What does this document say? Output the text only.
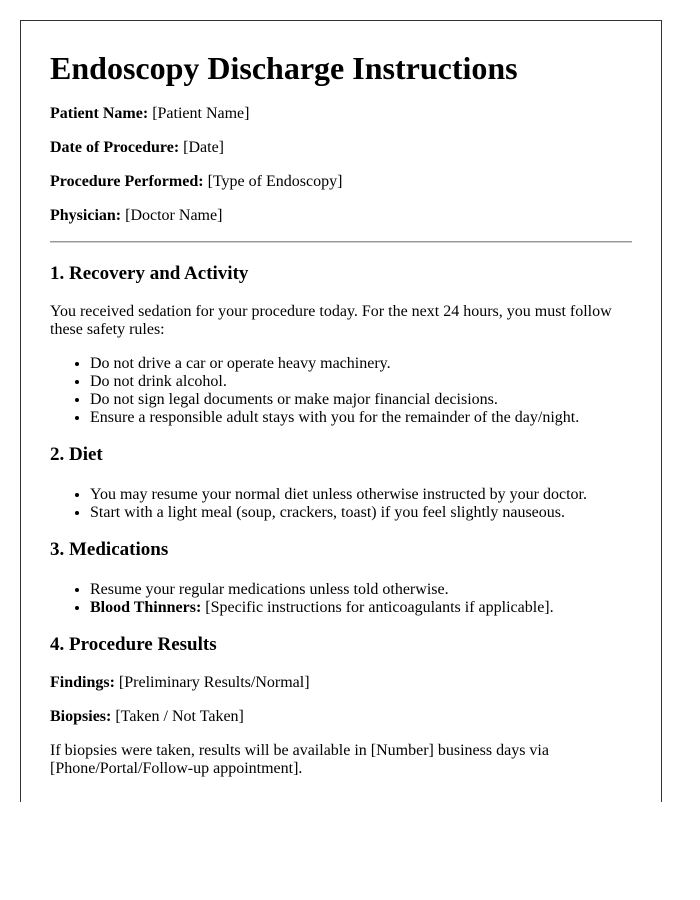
Endoscopy Discharge Instructions

Patient Name: [Patient Name]

Date of Procedure: [Date]

Procedure Performed: [Type of Endoscopy]

Physician: [Doctor Name]

1. Recovery and Activity

You received sedation for your procedure today. For the next 24 hours, you must follow these safety rules:

• Do not drive a car or operate heavy machinery.
• Do not drink alcohol.
• Do not sign legal documents or make major financial decisions.
• Ensure a responsible adult stays with you for the remainder of the day/night.
2. Diet
• You may resume your normal diet unless otherwise instructed by your doctor.
• Start with a light meal (soup, crackers, toast) if you feel slightly nauseous.
3. Medications
• Resume your regular medications unless told otherwise.
• Blood Thinners: [Specific instructions for anticoagulants if applicable].
4. Procedure Results

Findings: [Preliminary Results/Normal]

Biopsies: [Taken / Not Taken]

If biopsies were taken, results will be available in [Number] business days via [Phone/Portal/Follow-up appointment].
